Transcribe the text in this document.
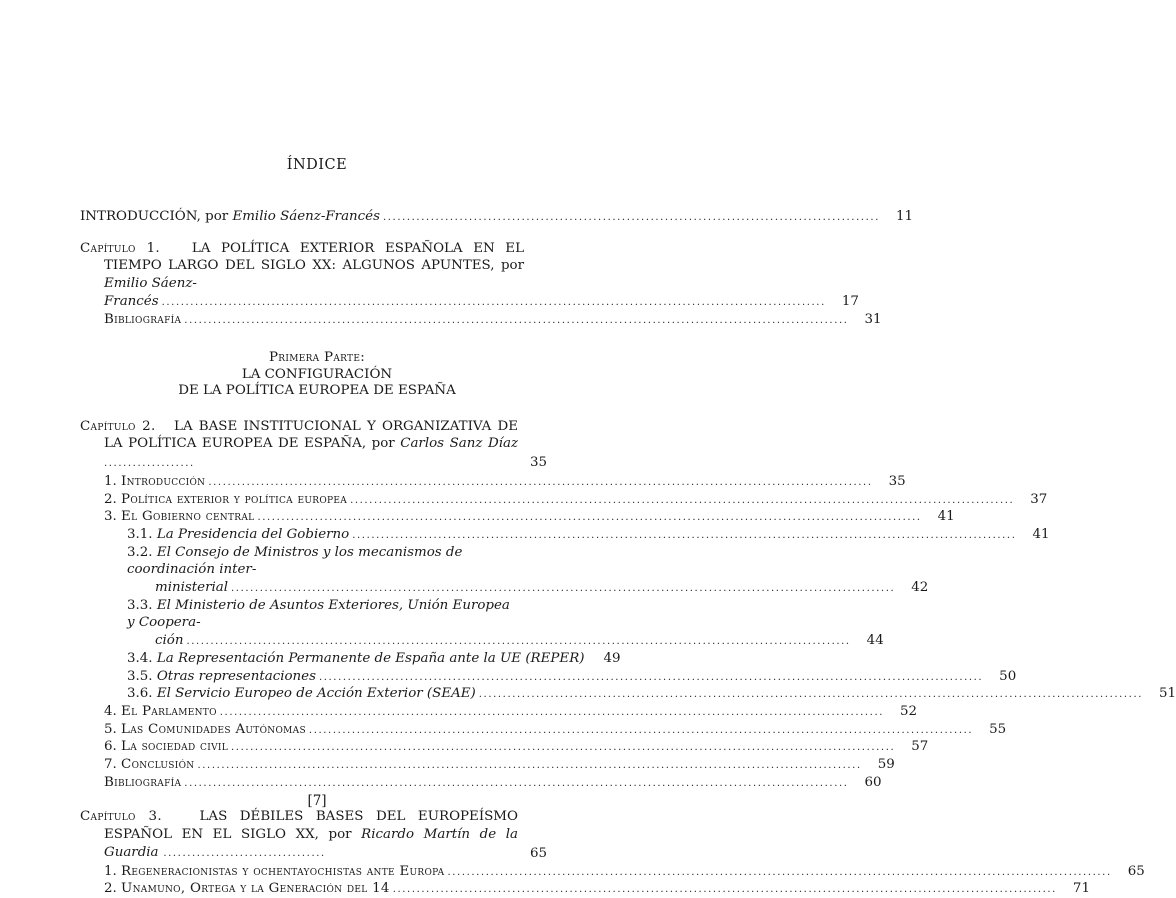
ÍNDICE
INTRODUCCIÓN, por Emilio Sáenz-Francés ........................................................................................................	11
Capítulo 1. LA POLÍTICA EXTERIOR ESPAÑOLA EN EL TIEMPO LARGO DEL SIGLO XX: ALGUNOS APUNTES, por Emilio Sáenz-
Francés ...........................................................................................................................................	17
Bibliografía ...........................................................................................................................................	31
Primera Parte:
LA CONFIGURACIÓN
DE LA POLÍTICA EUROPEA DE ESPAÑA
Capítulo 2. LA BASE INSTITUCIONAL Y ORGANIZATIVA DE LA POLÍTICA EUROPEA DE ESPAÑA, por Carlos Sanz Díaz ...................	35
1. Introducción ...........................................................................................................................................	35
2. Política exterior y política europea ...........................................................................................................................................	37
3. El Gobierno central ...........................................................................................................................................	41
3.1. La Presidencia del Gobierno ...........................................................................................................................................	41
3.2. El Consejo de Ministros y los mecanismos de coordinación inter-
ministerial ...........................................................................................................................................	42
3.3. El Ministerio de Asuntos Exteriores, Unión Europea y Coopera-
ción ...........................................................................................................................................	44
3.4. La Representación Permanente de España ante la UE (REPER)	49
3.5. Otras representaciones ...........................................................................................................................................	50
3.6. El Servicio Europeo de Acción Exterior (SEAE) ...........................................................................................................................................	51
4. El Parlamento ...........................................................................................................................................	52
5. Las Comunidades Autónomas ...........................................................................................................................................	55
6. La sociedad civil ...........................................................................................................................................	57
7. Conclusión ...........................................................................................................................................	59
Bibliografía ...........................................................................................................................................	60
Capítulo 3.	LAS DÉBILES BASES DEL EUROPEÍSMO ESPAÑOL EN EL SIGLO XX, por Ricardo Martín de la Guardia ..................................	65
1. Regeneracionistas y ochentayochistas ante Europa ...........................................................................................................................................	65
2. Unamuno, Ortega y la Generación del 14 ...........................................................................................................................................	71
[7]
